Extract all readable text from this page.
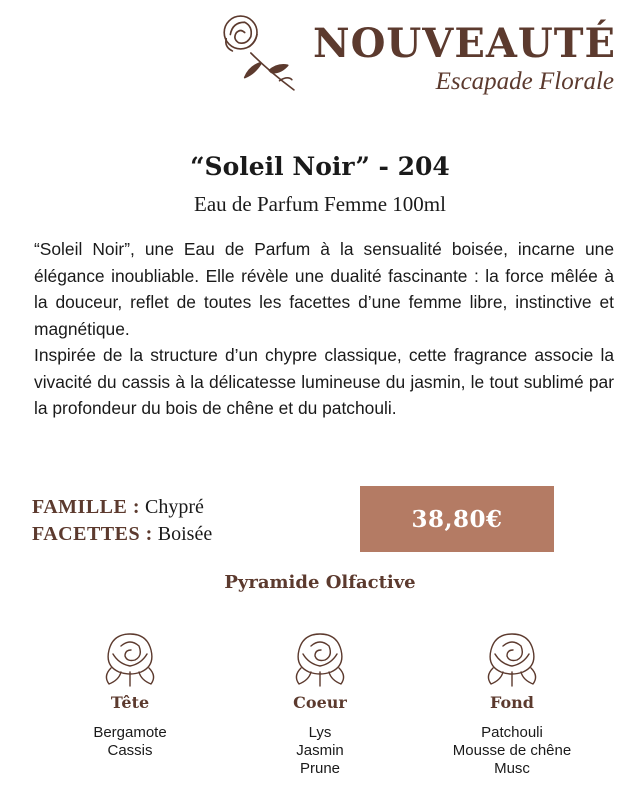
NOUVEAUTÉ
Escapade Florale
“Soleil Noir” - 204
Eau de Parfum Femme 100ml

“Soleil Noir”, une Eau de Parfum à la sensualité boisée, incarne une élégance inoubliable. Elle révèle une dualité fascinante : la force mêlée à la douceur, reflet de toutes les facettes d’une femme libre, instinctive et magnétique.

Inspirée de la structure d’un chypre classique, cette fragrance associe la vivacité du cassis à la délicatesse lumineuse du jasmin, le tout sublimé par la profondeur du bois de chêne et du patchouli.

FAMILLE : Chypré
FACETTES : Boisée
38,80€
Pyramide Olfactive
Tête
Bergamote
Cassis
Coeur
Lys
Jasmin
Prune
Fond
Patchouli
Mousse de chêne
Musc
